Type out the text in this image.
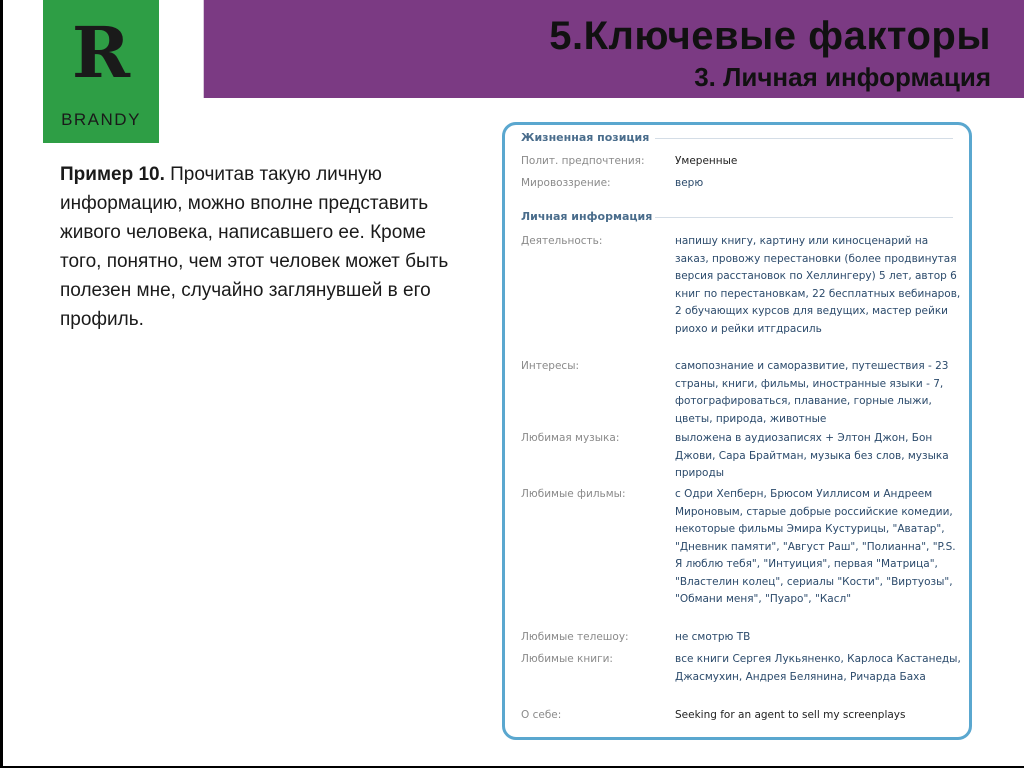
5.Ключевые факторы
3. Личная информация
R
BRANDY
Пример 10. Прочитав такую личную информацию, можно вполне представить живого человека, написавшего ее. Кроме того, понятно, чем этот человек может быть полезен мне, случайно заглянувшей в его профиль.
Жизненная позиция
Полит. предпочтения:	Умеренные
Мировоззрение:	верю
Личная информация
Деятельность:	напишу книгу, картину или киносценарий на заказ, провожу перестановки (более продвинутая версия расстановок по Хеллингеру) 5 лет, автор 6 книг по перестановкам, 22 бесплатных вебинаров, 2 обучающих курсов для ведущих, мастер рейки риохо и рейки итгдрасиль
Интересы:	самопознание и саморазвитие, путешествия - 23 страны, книги, фильмы, иностранные языки - 7, фотографироваться, плавание, горные лыжи, цветы, природа, животные
Любимая музыка:	выложена в аудиозаписях + Элтон Джон, Бон Джови, Сара Брайтман, музыка без слов, музыка природы
Любимые фильмы:	с Одри Хепберн, Брюсом Уиллисом и Андреем Мироновым, старые добрые российские комедии, некоторые фильмы Эмира Кустурицы, "Аватар", "Дневник памяти", "Август Раш", "Полианна", "P.S. Я люблю тебя", "Интуиция", первая "Матрица", "Властелин колец", сериалы "Кости", "Виртуозы", "Обмани меня", "Пуаро", "Касл"
Любимые телешоу:	не смотрю ТВ
Любимые книги:	все книги Сергея Лукьяненко, Карлоса Кастанеды, Джасмухин, Андрея Белянина, Ричарда Баха
О себе:	Seeking for an agent to sell my screenplays
